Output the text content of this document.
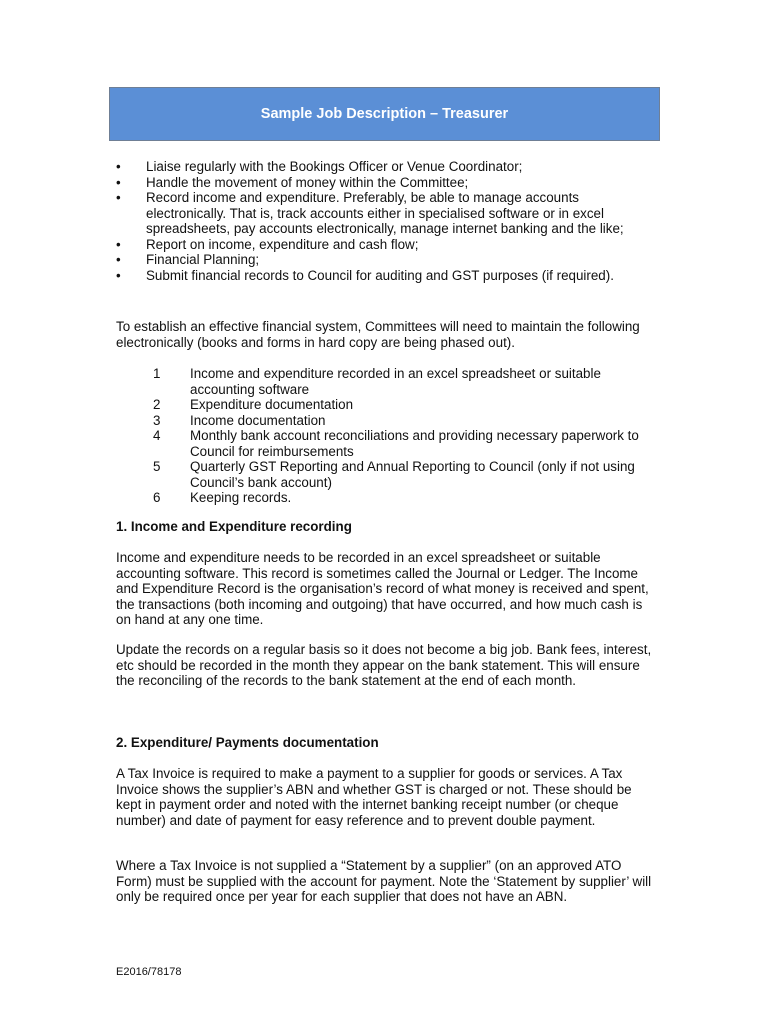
Sample Job Description – Treasurer
• Liaise regularly with the Bookings Officer or Venue Coordinator;
• Handle the movement of money within the Committee;
• Record income and expenditure. Preferably, be able to manage accounts electronically. That is, track accounts either in specialised software or in excel spreadsheets, pay accounts electronically, manage internet banking and the like;
• Report on income, expenditure and cash flow;
• Financial Planning;
• Submit financial records to Council for auditing and GST purposes (if required).

To establish an effective financial system, Committees will need to maintain the following electronically (books and forms in hard copy are being phased out).

1 Income and expenditure recorded in an excel spreadsheet or suitable accounting software
2 Expenditure documentation
3 Income documentation
4 Monthly bank account reconciliations and providing necessary paperwork to Council for reimbursements
5 Quarterly GST Reporting and Annual Reporting to Council (only if not using Council’s bank account)
6 Keeping records.
1. Income and Expenditure recording

Income and expenditure needs to be recorded in an excel spreadsheet or suitable accounting software. This record is sometimes called the Journal or Ledger. The Income and Expenditure Record is the organisation’s record of what money is received and spent, the transactions (both incoming and outgoing) that have occurred, and how much cash is on hand at any one time.

Update the records on a regular basis so it does not become a big job. Bank fees, interest, etc should be recorded in the month they appear on the bank statement. This will ensure the reconciling of the records to the bank statement at the end of each month.

2. Expenditure/ Payments documentation

A Tax Invoice is required to make a payment to a supplier for goods or services. A Tax Invoice shows the supplier’s ABN and whether GST is charged or not. These should be kept in payment order and noted with the internet banking receipt number (or cheque number) and date of payment for easy reference and to prevent double payment.

Where a Tax Invoice is not supplied a “Statement by a supplier” (on an approved ATO Form) must be supplied with the account for payment. Note the ‘Statement by supplier’ will only be required once per year for each supplier that does not have an ABN.

E2016/78178
